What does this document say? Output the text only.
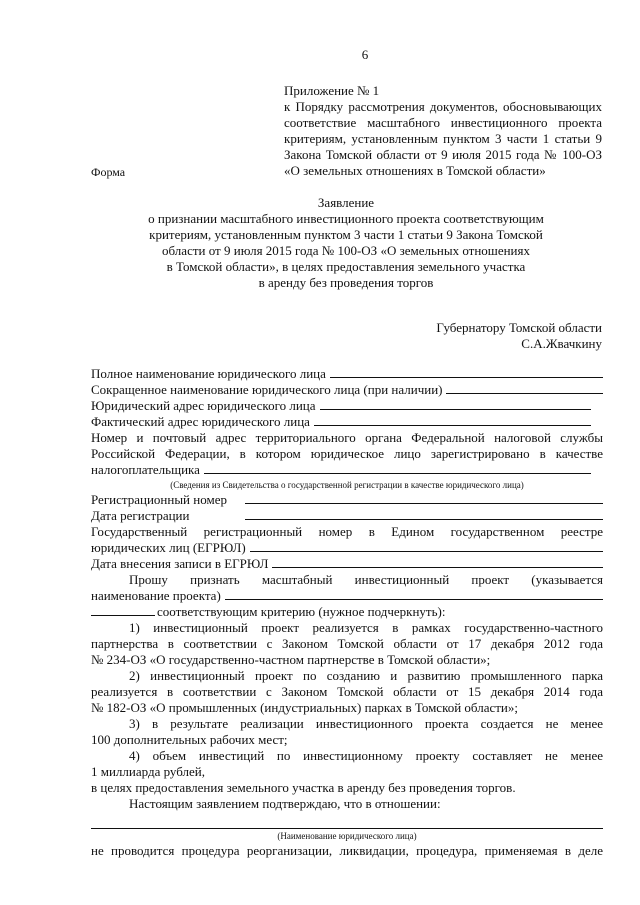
6
Приложение № 1
к Порядку рассмотрения документов, обосновывающих
соответствие масштабного инвестиционного проекта
критериям, установленным пунктом 3 части 1 статьи 9
Закона Томской области от 9 июля 2015 года № 100-ОЗ
«О земельных отношениях в Томской области»
Форма
Заявление
о признании масштабного инвестиционного проекта соответствующим
критериям, установленным пунктом 3 части 1 статьи 9 Закона Томской
области от 9 июля 2015 года № 100-ОЗ «О земельных отношениях
в Томской области», в целях предоставления земельного участка
в аренду без проведения торгов
Губернатору Томской области
С.А.Жвачкину
Полное наименование юридического лица
Сокращенное наименование юридического лица (при наличии)
Юридический адрес юридического лица
Фактический адрес юридического лица
Номер и почтовый адрес территориального органа Федеральной налоговой службы
Российской Федерации, в котором юридическое лицо зарегистрировано в качестве
налогоплательщика
(Сведения из Свидетельства о государственной регистрации в качестве юридического лица)
Регистрационный номер
Дата регистрации
Государственный регистрационный номер в Едином государственном реестре
юридических лиц (ЕГРЮЛ)
Дата внесения записи в ЕГРЮЛ
Прошу признать масштабный инвестиционный проект (указывается
наименование проекта)
соответствующим критерию (нужное подчеркнуть):
1) инвестиционный проект реализуется в рамках государственно-частного
партнерства в соответствии с Законом Томской области от 17 декабря 2012 года
№ 234-ОЗ «О государственно-частном партнерстве в Томской области»;
2) инвестиционный проект по созданию и развитию промышленного парка
реализуется в соответствии с Законом Томской области от 15 декабря 2014 года
№ 182-ОЗ «О промышленных (индустриальных) парках в Томской области»;
3) в результате реализации инвестиционного проекта создается не менее
100 дополнительных рабочих мест;
4) объем инвестиций по инвестиционному проекту составляет не менее
1 миллиарда рублей,
в целях предоставления земельного участка в аренду без проведения торгов.
Настоящим заявлением подтверждаю, что в отношении:
(Наименование юридического лица)
не проводится процедура реорганизации, ликвидации, процедура, применяемая в деле
